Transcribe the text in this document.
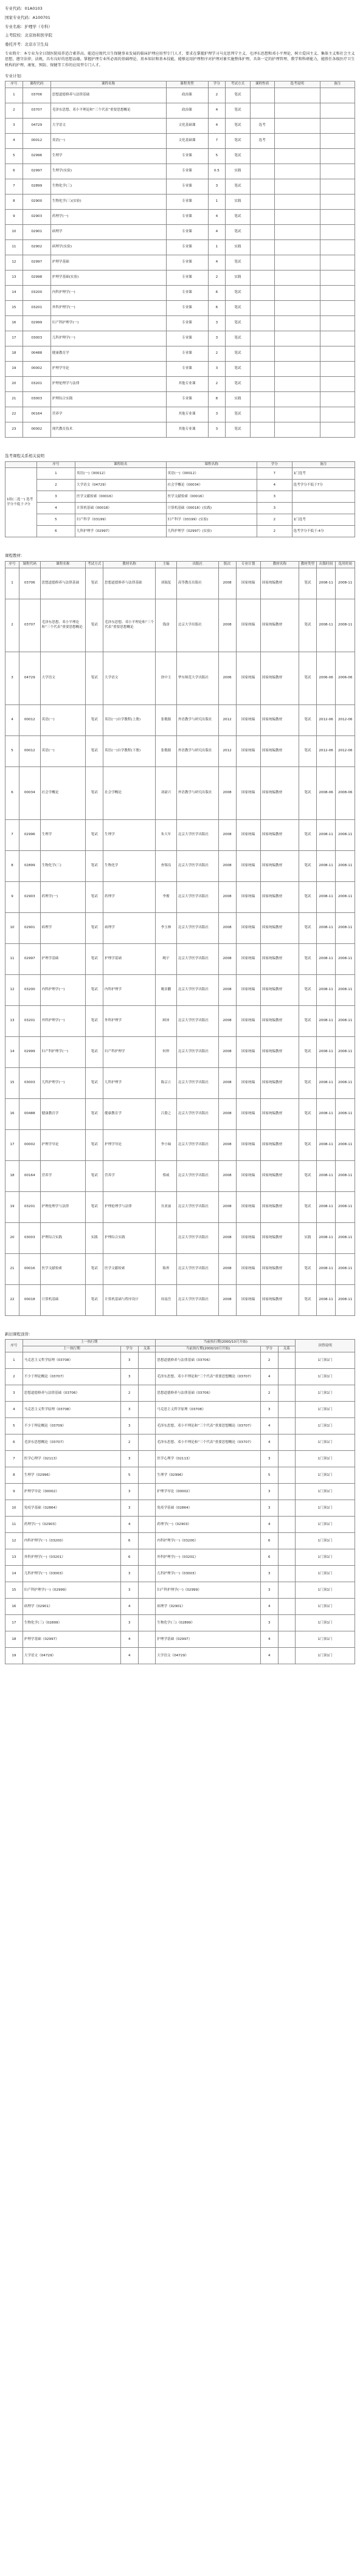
专业代码：01A0103

国家专业代码：A100701

专业名称：护理学（专科）

主考院校：北京协和医学院

委托开考：北京市卫生局

专业简介：本专业为全日制医院培养适合素养高、能适应现代卫生保健事业发展的临床护理应用型专门人才，要求在掌握护理学习马克思列宁主义、毛泽东思想和邓小平理论，树立爱国主义、集体主义和社会主义思想，遵守法律、法规，具有良好的思想品德。掌握护理专业所必需的基础理论、基本知识和基本技能，能够运用护理程序对护理对象实施整体护理，具备一定的护理管理、教学和科研能力，能胜任各级医疗卫生机构的护理、康复、预防、保健等工作的应用型专门人才。

专业计划：
序号	课程代码	课程名称	课程类型	学分	考试方式	课程性质	选考说明	备注
1	03706	思想道德修养与法律基础	政治课	2	笔试			
2	03707	毛泽东思想、邓小平理论和“三个代表”重要思想概论	政治课	4	笔试			
3	04729	大学语文	文化基础课	4	笔试	选考		
4	00012	英语(一)	文化基础课	7	笔试	选考		
5	02996	生理学	专业课	5	笔试			
6	02997	生理学(实验)	专业课	0.5	实践			
7	02899	生物化学(三)	专业课	3	笔试			
8	02900	生物化学(三)(实验)	专业课	1	实践			
9	02903	药理学(一)	专业课	4	笔试			
10	02901	病理学	专业课	4	笔试			
11	02902	病理学(实验)	专业课	1	实践			
12	02997	护理学基础	专业课	4	笔试			
13	02998	护理学基础(实验)	专业课	2	实践			
14	03200	内科护理学(一)	专业课	6	笔试			
15	03201	外科护理学(一)	专业课	6	笔试			
16	02999	妇产科护理学(一)	专业课	3	笔试			
17	03003	儿科护理学(一)	专业课	3	笔试			
18	00488	健康教育学	专业课	2	笔试			
19	00002	护理学导论	专业课	3	笔试			
20	03201	护理伦理学与法律	其他专业课	2	笔试			
21	03003	护理综合实践	专业课	8	实践			
22	00164	营养学	其他专业课	3	笔试			
23	00002	现代教育技术	其他专业课	3	笔试			
选考课程关系相关说明
	序号	课程组名	课程名称	学分	备注
1组(二选一) 选考学分不低于:7分	1	英语(一)《00012》	英语(一)《00012》	7	1门选考
	2	大学语文《04729》	社会学概论《00034》	4	选考学分不低于7分
	3	医学文献检索《00016》	医学文献检索《00016》	3	
	4	计算机基础《00018》	计算机基础《00018》(实践)	3	
	5	妇产科学《03199》	妇产科学《03199》(实验)	2	1门选考
	6	儿科护理学《02997》	儿科护理学《02997》(实验)	2	选考学分不低于:4分
课程教材：
序号	课程代码	课程名称	考试方式	教材名称	主编	出版社	版次	专业计划	教材名称	教材类型	出版时间	选用时间
1	03706	思想道德修养与法律基础	笔试	思想道德修养与法律基础	刘瑞复	高等教育出版社	2008	国家统编	国家统编教材	笔试	2008-11	2008-11
2	03707	毛泽东思想、邓小平理论和“三个代表”重要思想概论	笔试	毛泽东思想、邓小平理论和“三个代表”重要思想概论	钱淦	北京大学出版社	2008	国家统编	国家统编教材	笔试	2008-11	2008-11
3	04729	大学语文	笔试	大学语文	徐中玉	华东师范大学出版社	2006	国家统编	国家统编教材	笔试	2006-06	2006-06
4	00012	英语(一)	笔试	英语(一)自学教程(上册)	张敬源	外语教学与研究出版社	2012	国家统编	国家统编教材	笔试	2012-06	2012-06
5	00012	英语(一)	笔试	英语(一)自学教程(下册)	张敬源	外语教学与研究出版社	2012	国家统编	国家统编教材	笔试	2012-06	2012-06
6	00034	社会学概论	笔试	社会学概论	刘豪兴	外语教学与研究出版社	2008	国家统编	国家统编教材	笔试	2008-06	2008-06
7	02996	生理学	笔试	生理学	朱大年	北京大学医学出版社	2008	国家统编	国家统编教材	笔试	2008-11	2008-11
8	02899	生物化学(三)	笔试	生物化学	查锡良	北京大学医学出版社	2008	国家统编	国家统编教材	笔试	2008-11	2008-11
9	02903	药理学(一)	笔试	药理学	李俊	北京大学医学出版社	2008	国家统编	国家统编教材	笔试	2008-11	2008-11
10	02901	病理学	笔试	病理学	李玉林	北京大学医学出版社	2008	国家统编	国家统编教材	笔试	2008-11	2008-11
11	02997	护理学基础	笔试	护理学基础	绳宇	北京大学医学出版社	2008	国家统编	国家统编教材	笔试	2008-11	2008-11
12	03200	内科护理学(一)	笔试	内科护理学	姚景鹏	北京大学医学出版社	2008	国家统编	国家统编教材	笔试	2008-11	2008-11
13	03201	外科护理学(一)	笔试	外科护理学	顾沛	北京大学医学出版社	2008	国家统编	国家统编教材	笔试	2008-11	2008-11
14	02999	妇产科护理学(一)	笔试	妇产科护理学	何仲	北京大学医学出版社	2008	国家统编	国家统编教材	笔试	2008-11	2008-11
15	03003	儿科护理学(一)	笔试	儿科护理学	陈京立	北京大学医学出版社	2008	国家统编	国家统编教材	笔试	2008-11	2008-11
16	00488	健康教育学	笔试	健康教育学	吕姿之	北京大学医学出版社	2008	国家统编	国家统编教材	笔试	2008-11	2008-11
17	00002	护理学导论	笔试	护理学导论	李小妹	北京大学医学出版社	2008	国家统编	国家统编教材	笔试	2008-11	2008-11
18	00164	营养学	笔试	营养学	蔡威	北京大学医学出版社	2008	国家统编	国家统编教材	笔试	2008-11	2008-11
19	03201	护理伦理学与法律	笔试	护理伦理学与法律	丛亚丽	北京大学医学出版社	2008	国家统编	国家统编教材	笔试	2008-11	2008-11
20	03003	护理综合实践	实践	护理综合实践		北京大学医学出版社	2008	国家统编	国家统编教材	实践	2008-11	2008-11
21	00016	医学文献检索	笔试	医学文献检索	陈界	北京大学医学出版社	2008	国家统编	国家统编教材	笔试	2008-11	2008-11
22	00018	计算机基础	笔试	计算机基础与程序设计	周南岳	北京大学医学出版社	2008	国家统编	国家统编教材	笔试	2008-11	2008-11
新旧课程顶替：
序号	上一执行期			当前执行期(2000/10月开始)			顶替说明
	上一执行期	学分	关系	当前执行期(2000/10月开始)	学分	关系	
1	马克思主义哲学原理《03708》	3		思想道德修养与法律基础《03706》	2		1门顶1门
2	不少于理论概论《03707》	3		毛泽东思想、邓小平理论和“三个代表”重要思想概论《03707》	4		1门顶1门
3	思想道德修养与法律基础《03706》	2		思想道德修养与法律基础《03706》	2		1门顶1门
4	马克思主义哲学原理《03708》	3		马克思主义哲学原理《03708》	3		1门顶1门
5	不少于理论概论《03709》	3		毛泽东思想、邓小平理论和“三个代表”重要思想概论《03707》	4		1门顶1门
6	毛泽东思想概论《03707》	2		毛泽东思想、邓小平理论和“三个代表”重要思想概论《03707》	4		1门顶1门
7	医学心理学《02113》	3		医学心理学《02113》	3		1门顶1门
8	生理学《02996》	5		生理学《02996》	5		1门顶1门
9	护理学导论《00002》	3		护理学导论《00002》	3		1门顶1门
10	免疫学基础《02864》	3		免疫学基础《02864》	3		1门顶1门
11	药理学(一)《02903》	4		药理学(一)《02903》	4		1门顶1门
12	内科护理学(一)《03200》	6		内科护理学(一)《03200》	6		1门顶1门
13	外科护理学(一)《03201》	6		外科护理学(一)《03201》	6		1门顶1门
14	儿科护理学(一)《03003》	3		儿科护理学(一)《03003》	3		1门顶1门
15	妇产科护理学(一)《02999》	3		妇产科护理学(一)《02999》	3		1门顶1门
16	病理学《02901》	4		病理学《02901》	4		1门顶1门
17	生物化学(三)《02899》	3		生物化学(三)《02899》	3		1门顶1门
18	护理学基础《02997》	4		护理学基础《02997》	4		1门顶1门
19	大学语文《04729》	4		大学语文《04729》	4		1门顶1门
